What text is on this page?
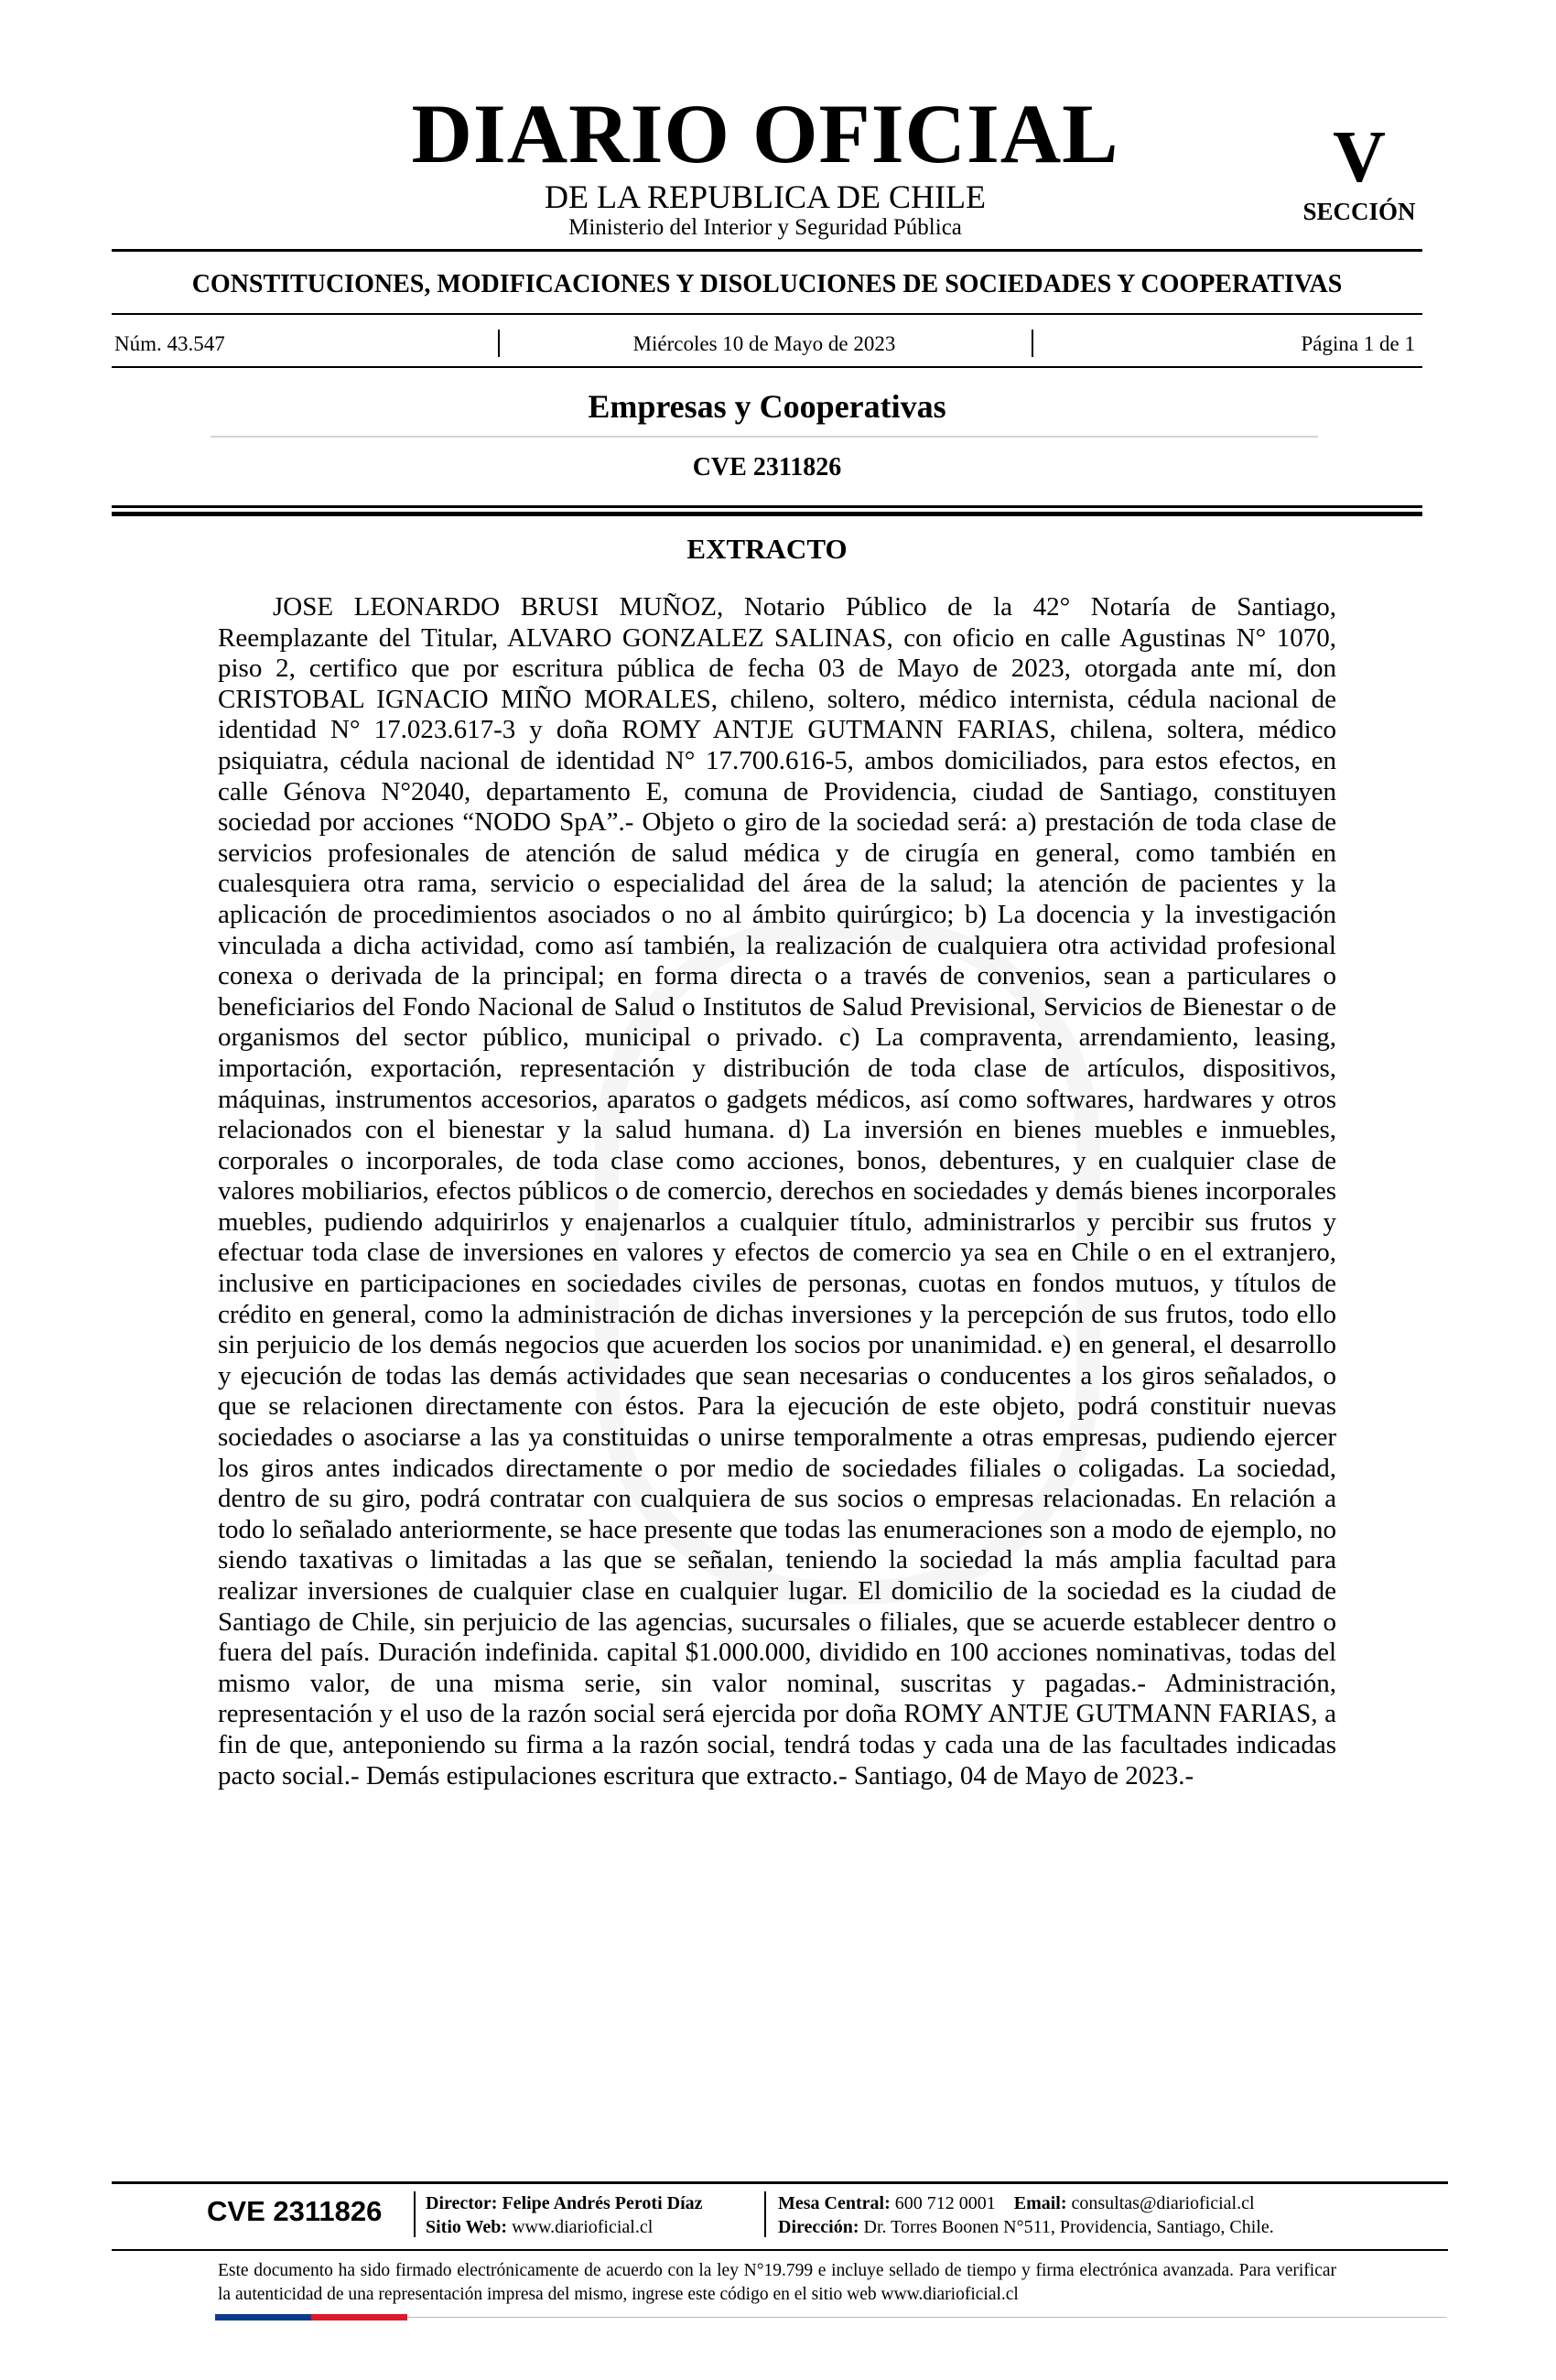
DIARIO OFICIAL
DE LA REPUBLICA DE CHILE
Ministerio del Interior y Seguridad Pública
V
SECCIÓN
CONSTITUCIONES, MODIFICACIONES Y DISOLUCIONES DE SOCIEDADES Y COOPERATIVAS
Núm. 43.547	Miércoles 10 de Mayo de 2023	Página 1 de 1
Empresas y Cooperativas
CVE 2311826
EXTRACTO
JOSE LEONARDO BRUSI MUÑOZ, Notario Público de la 42° Notaría de Santiago, Reemplazante del Titular, ALVARO GONZALEZ SALINAS, con oficio en calle Agustinas N° 1070, piso 2, certifico que por escritura pública de fecha 03 de Mayo de 2023, otorgada ante mí, don CRISTOBAL IGNACIO MIÑO MORALES, chileno, soltero, médico internista, cédula nacional de identidad N° 17.023.617-3 y doña ROMY ANTJE GUTMANN FARIAS, chilena, soltera, médico psiquiatra, cédula nacional de identidad N° 17.700.616-5, ambos domiciliados, para estos efectos, en calle Génova N°2040, departamento E, comuna de Providencia, ciudad de Santiago, constituyen sociedad por acciones “NODO SpA”.- Objeto o giro de la sociedad será: a) prestación de toda clase de servicios profesionales de atención de salud médica y de cirugía en general, como también en cualesquiera otra rama, servicio o especialidad del área de la salud; la atención de pacientes y la aplicación de procedimientos asociados o no al ámbito quirúrgico; b) La docencia y la investigación vinculada a dicha actividad, como así también, la realización de cualquiera otra actividad profesional conexa o derivada de la principal; en forma directa o a través de convenios, sean a particulares o beneficiarios del Fondo Nacional de Salud o Institutos de Salud Previsional, Servicios de Bienestar o de organismos del sector público, municipal o privado. c) La compraventa, arrendamiento, leasing, importación, exportación, representación y distribución de toda clase de artículos, dispositivos, máquinas, instrumentos accesorios, aparatos o gadgets médicos, así como softwares, hardwares y otros relacionados con el bienestar y la salud humana. d) La inversión en bienes muebles e inmuebles, corporales o incorporales, de toda clase como acciones, bonos, debentures, y en cualquier clase de valores mobiliarios, efectos públicos o de comercio, derechos en sociedades y demás bienes incorporales muebles, pudiendo adquirirlos y enajenarlos a cualquier título, administrarlos y percibir sus frutos y efectuar toda clase de inversiones en valores y efectos de comercio ya sea en Chile o en el extranjero, inclusive en participaciones en sociedades civiles de personas, cuotas en fondos mutuos, y títulos de crédito en general, como la administración de dichas inversiones y la percepción de sus frutos, todo ello sin perjuicio de los demás negocios que acuerden los socios por unanimidad. e) en general, el desarrollo y ejecución de todas las demás actividades que sean necesarias o conducentes a los giros señalados, o que se relacionen directamente con éstos. Para la ejecución de este objeto, podrá constituir nuevas sociedades o asociarse a las ya constituidas o unirse temporalmente a otras empresas, pudiendo ejercer los giros antes indicados directamente o por medio de sociedades filiales o coligadas. La sociedad, dentro de su giro, podrá contratar con cualquiera de sus socios o empresas relacionadas. En relación a todo lo señalado anteriormente, se hace presente que todas las enumeraciones son a modo de ejemplo, no siendo taxativas o limitadas a las que se señalan, teniendo la sociedad la más amplia facultad para realizar inversiones de cualquier clase en cualquier lugar. El domicilio de la sociedad es la ciudad de Santiago de Chile, sin perjuicio de las agencias, sucursales o filiales, que se acuerde establecer dentro o fuera del país. Duración indefinida. capital $1.000.000, dividido en 100 acciones nominativas, todas del mismo valor, de una misma serie, sin valor nominal, suscritas y pagadas.- Administración, representación y el uso de la razón social será ejercida por doña ROMY ANTJE GUTMANN FARIAS, a fin de que, anteponiendo su firma a la razón social, tendrá todas y cada una de las facultades indicadas pacto social.- Demás estipulaciones escritura que extracto.- Santiago, 04 de Mayo de 2023.-
CVE 2311826 Director: Felipe Andrés Peroti Díaz
Sitio Web: www.diarioficial.cl
Mesa Central: 600 712 0001 Email: consultas@diarioficial.cl
Dirección: Dr. Torres Boonen N°511, Providencia, Santiago, Chile.
Este documento ha sido firmado electrónicamente de acuerdo con la ley N°19.799 e incluye sellado de tiempo y firma electrónica avanzada. Para verificar la autenticidad de una representación impresa del mismo, ingrese este código en el sitio web www.diarioficial.cl
